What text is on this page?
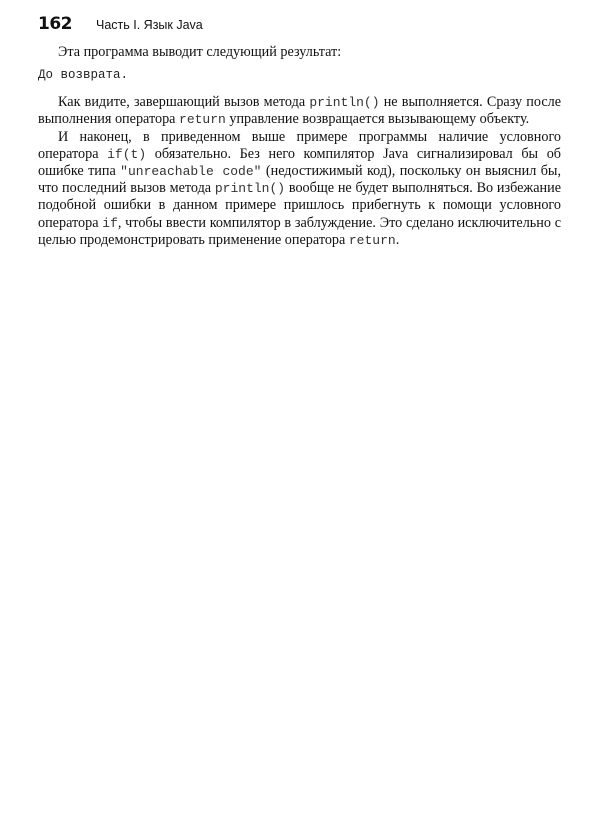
162 Часть I. Язык Java

Эта программа выводит следующий результат:

До возврата.

Как видите, завершающий вызов метода println() не выполняется. Сразу после выполнения оператора return управление возвращается вызывающему объекту.

И наконец, в приведенном выше примере программы наличие условного оператора if(t) обязательно. Без него компилятор Java сигнализировал бы об ошибке типа "unreachable code" (недостижимый код), поскольку он выяснил бы, что последний вызов метода println() вообще не будет выполняться. Во избежание подобной ошибки в данном примере пришлось прибегнуть к помощи условного оператора if, чтобы ввести компилятор в заблуждение. Это сделано исключительно с целью продемонстрировать применение оператора return.
